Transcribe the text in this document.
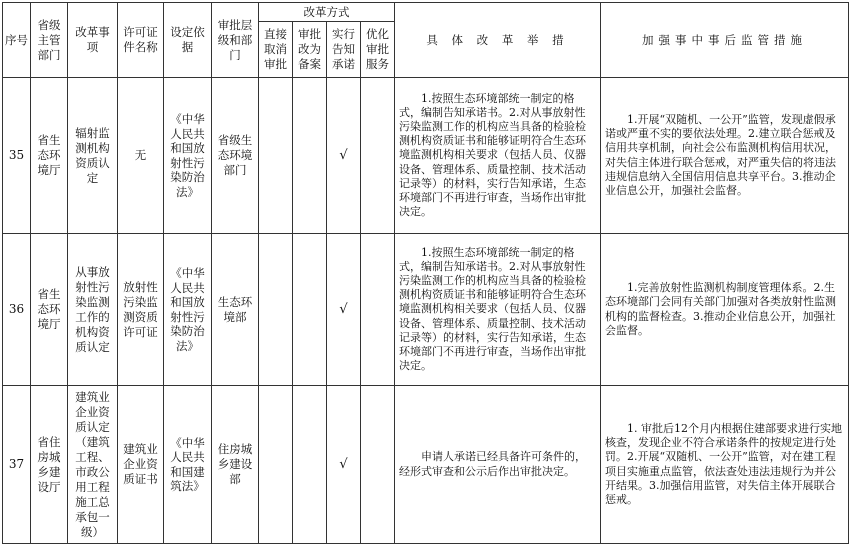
序号	省级主管部门	改革事项	许可证件名称	设定依据	审批层级和部门	改革方式				具 体 改 革 举 措	加强事中事后监管措施
						直接取消审批	审批改为备案	实行告知承诺	优化审批服务		
35	省生态环境厅	辐射监测机构资质认定	无	《中华人民共和国放射性污染防治法》	省级生态环境部门			√		1.按照生态环境部统一制定的格式，编制告知承诺书。2.对从事放射性污染监测工作的机构应当具备的检验检测机构资质证书和能够证明符合生态环境监测机构相关要求（包括人员、仪器设备、管理体系、质量控制、技术活动记录等）的材料，实行告知承诺，生态环境部门不再进行审查，当场作出审批决定。	1.开展“双随机、一公开”监管，发现虚假承诺或严重不实的要依法处理。2.建立联合惩戒及信用共享机制，向社会公布监测机构信用状况，对失信主体进行联合惩戒，对严重失信的将违法违规信息纳入全国信用信息共享平台。3.推动企业信息公开，加强社会监督。
36	省生态环境厅	从事放射性污染监测工作的机构资质认定	放射性污染监测资质许可证	《中华人民共和国放射性污染防治法》	生态环境部			√		1.按照生态环境部统一制定的格式，编制告知承诺书。2.对从事放射性污染监测工作的机构应当具备的检验检测机构资质证书和能够证明符合生态环境监测机构相关要求（包括人员、仪器设备、管理体系、质量控制、技术活动记录等）的材料，实行告知承诺，生态环境部门不再进行审查，当场作出审批决定。	1.完善放射性监测机构制度管理体系。2.生态环境部门会同有关部门加强对各类放射性监测机构的监督检查。3.推动企业信息公开，加强社会监督。
37	省住房城乡建设厅	建筑业企业资质认定（建筑工程、市政公用工程施工总承包一级）	建筑业企业资质证书	《中华人民共和国建筑法》	住房城乡建设部			√		申请人承诺已经具备许可条件的，经形式审查和公示后作出审批决定。	1. 审批后12个月内根据住建部要求进行实地核查，发现企业不符合承诺条件的按规定进行处罚。2.开展“双随机、一公开”监管，对在建工程项目实施重点监管，依法查处违法违规行为并公开结果。3.加强信用监管，对失信主体开展联合惩戒。
